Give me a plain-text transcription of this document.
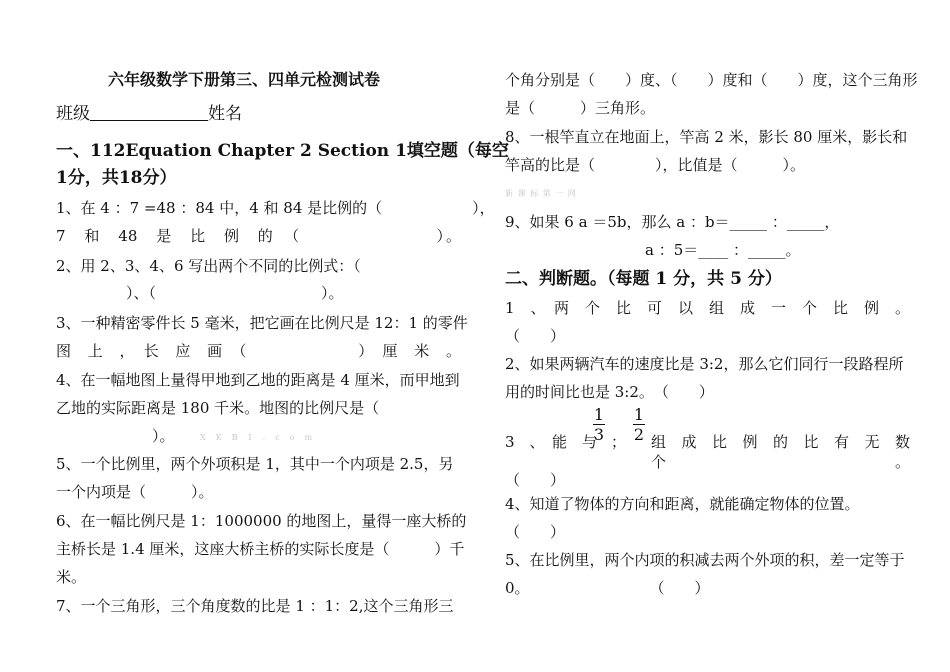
六年级数学下册第三、四单元检测试卷
班级	姓名
一、112Equation Chapter 2 Section 1填空题（每空
1分，共18分）
1、在 4 ：7 =48 ：84 中，4 和 84 是比例的（　　　　　　），
7　和　48　是　比　例　的　（　　　　　　　　）。
2、用 2、3、4、6 写出两个不同的比例式：（
　　）、（　　　　　　　　　　　）。
3、一种精密零件长 5 毫米，把它画在比例尺是 12：1 的零件
图　上　，　长　应　画　（　　　　　　　）　厘　米　。
4、在一幅地图上量得甲地到乙地的距离是 4 厘米，而甲地到
乙地的实际距离是 180 千米。地图的比例尺是（
　　）。	X　K　B　1　.　c　o　m
5、一个比例里，两个外项积是 1，其中一个内项是 2.5，另
一个内项是（　　　）。
6、在一幅比例尺是 1：1000000 的地图上，量得一座大桥的
主桥长是 1.4 厘米，这座大桥主桥的实际长度是（　　　）千
米。
7、一个三角形，三个角度数的比是 1 ：1：2,这个三角形三
个角分别是（　　）度、（　　）度和（　　）度，这个三角形
是（　　　）三角形。
8、一根竿直立在地面上，竿高 2 米，影长 80 厘米，影长和
竿高的比是（　　　　），比值是（　　　）。
新 课 标 第 一 网
9、如果 6 a ＝5b，那么 a ：b＝_____ ：_____，
a ：5＝____ ：_____。
二、判断题。（每题 1 分，共 5 分）
1　、　两　个　比　可　以　组　成　一　个　比　例　。
（　　）
2、如果两辆汽车的速度比是 3:2，那么它们同行一段路程所
用的时间比也是 3:2。　（　　）
3　、　能　与
1
3 ；
1
2 组　成　比　例　的　比　有　无　数　个　。
（　　）
4、知道了物体的方向和距离，就能确定物体的位置。
（　　）
5、在比例里，两个内项的积减去两个外项的积，差一定等于
0。　　　　　　　　　（　　）
